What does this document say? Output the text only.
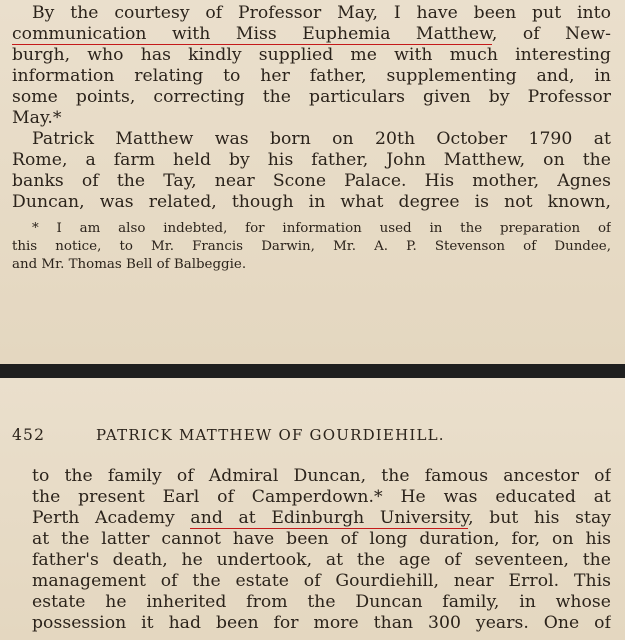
By the courtesy of Professor May, I have been put into
communication with Miss Euphemia Matthew, of New-
burgh, who has kindly supplied me with much interesting
information relating to her father, supplementing and, in
some points, correcting the particulars given by Professor
May.*
Patrick Matthew was born on 20th October 1790 at
Rome, a farm held by his father, John Matthew, on the
banks of the Tay, near Scone Palace. His mother, Agnes
Duncan, was related, though in what degree is not known,
* I am also indebted, for information used in the preparation of
this notice, to Mr. Francis Darwin, Mr. A. P. Stevenson of Dundee,
and Mr. Thomas Bell of Balbeggie.
452	PATRICK MATTHEW OF GOURDIEHILL.
to the family of Admiral Duncan, the famous ancestor of
the present Earl of Camperdown.* He was educated at
Perth Academy and at Edinburgh University, but his stay
at the latter cannot have been of long duration, for, on his
father's death, he undertook, at the age of seventeen, the
management of the estate of Gourdiehill, near Errol. This
estate he inherited from the Duncan family, in whose
possession it had been for more than 300 years. One of
